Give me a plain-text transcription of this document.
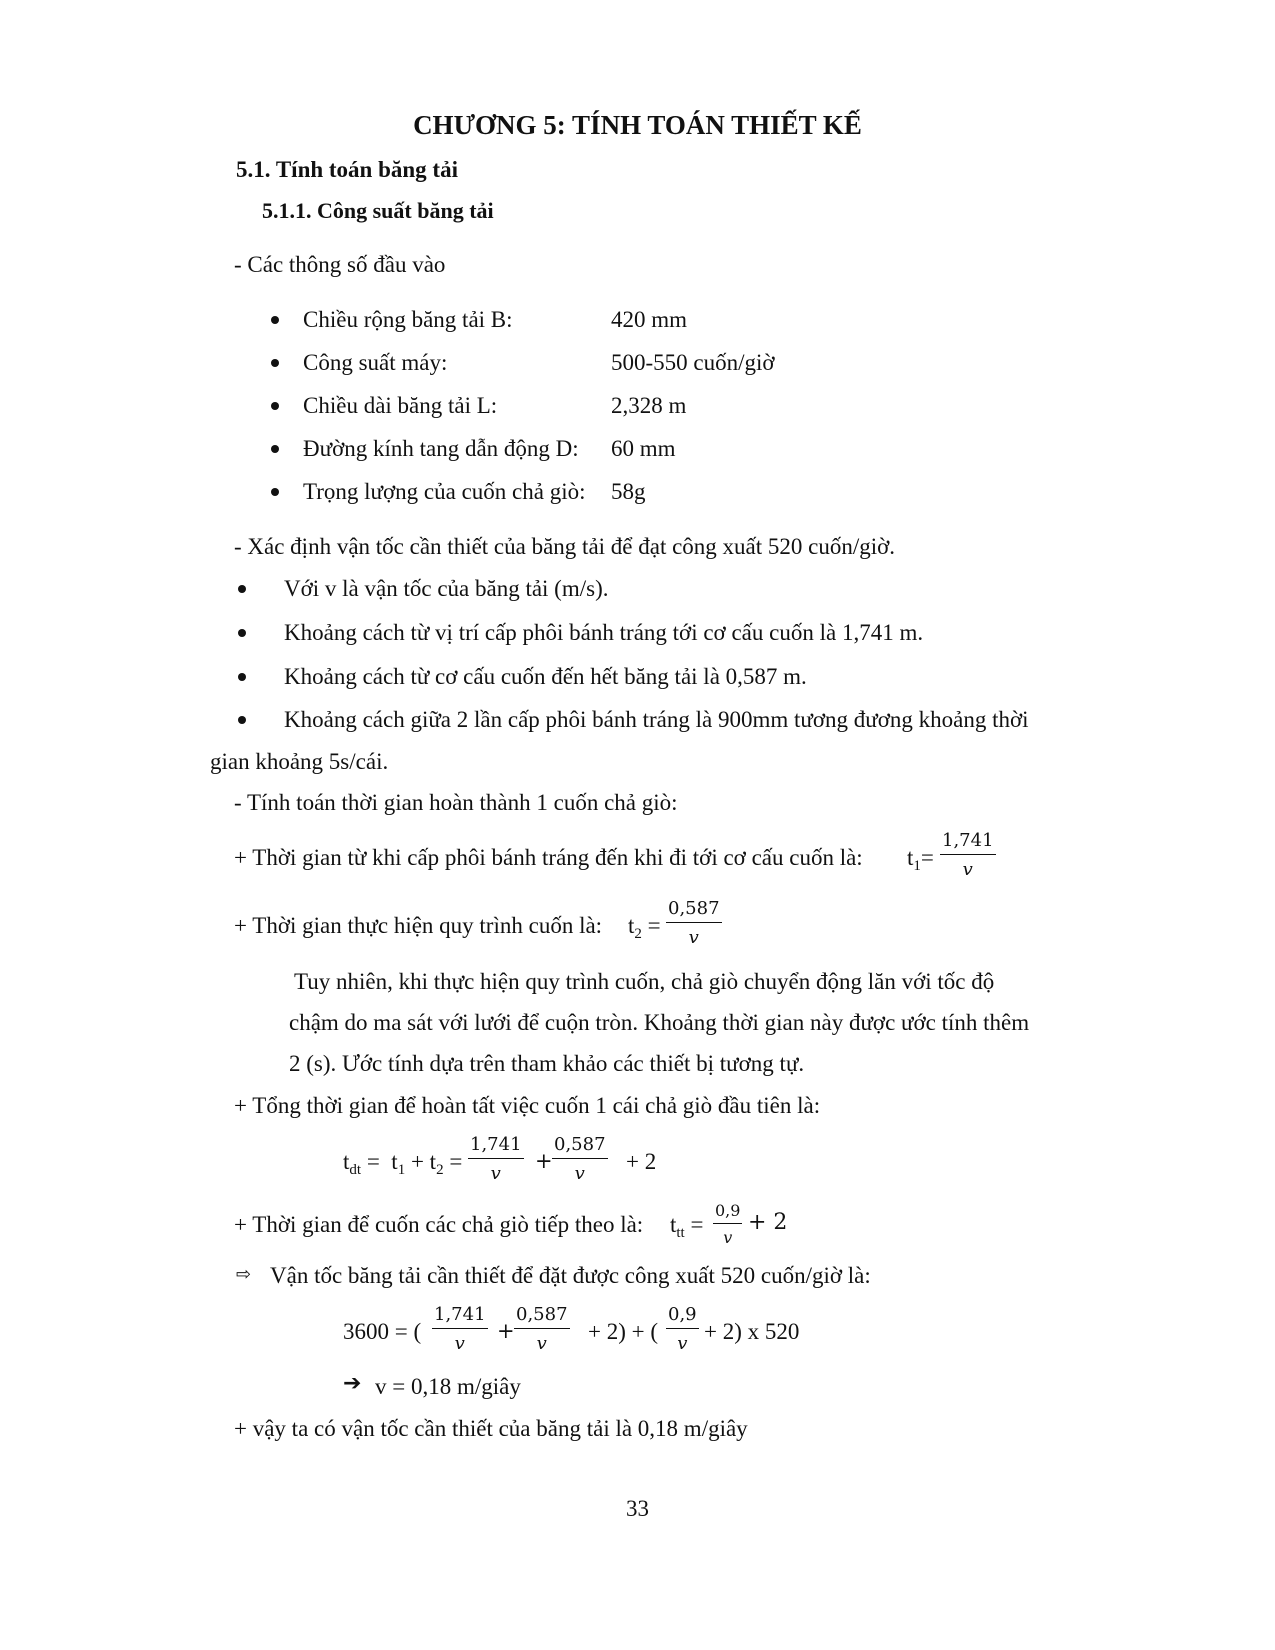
CHƯƠNG 5: TÍNH TOÁN THIẾT KẾ
5.1. Tính toán băng tải
5.1.1. Công suất băng tải
- Các thông số đầu vào
Chiều rộng băng tải B:	420 mm
Công suất máy:	500-550 cuốn/giờ
Chiều dài băng tải L:	2,328 m
Đường kính tang dẫn động D: 60 mm
Trọng lượng của cuốn chả giò: 58g
- Xác định vận tốc cần thiết của băng tải để đạt công xuất 520 cuốn/giờ.
Với v là vận tốc của băng tải (m/s).
Khoảng cách từ vị trí cấp phôi bánh tráng tới cơ cấu cuốn là 1,741 m.
Khoảng cách từ cơ cấu cuốn đến hết băng tải là 0,587 m.
Khoảng cách giữa 2 lần cấp phôi bánh tráng là 900mm tương đương khoảng thời
gian khoảng 5s/cái.
- Tính toán thời gian hoàn thành 1 cuốn chả giò:
+ Thời gian từ khi cấp phôi bánh tráng đến khi đi tới cơ cấu cuốn là: $t_1= \frac{1,741}{v}$
+ Thời gian thực hiện quy trình cuốn là: $t_2 = \frac{0,587}{v}$
Tuy nhiên, khi thực hiện quy trình cuốn, chả giò chuyển động lăn với tốc độ
chậm do ma sát với lưới để cuộn tròn. Khoảng thời gian này được ước tính thêm
2 (s). Ước tính dựa trên tham khảo các thiết bị tương tự.
+ Tổng thời gian để hoàn tất việc cuốn 1 cái chả giò đầu tiên là:
$t_{dt} = t_1 + t_2 = \frac{1,741}{v} + \frac{0,587}{v} + 2$
+ Thời gian để cuốn các chả giò tiếp theo là: $t_{tt} = \frac{0,9}{v} + 2$
⇨ Vận tốc băng tải cần thiết để đặt được công xuất 520 cuốn/giờ là:
3600 = ( $\frac{1,741}{v} + \frac{0,587}{v} + 2$) + ( $\frac{0,9}{v} + 2$) x 520
➔ v = 0,18 m/giây
+ vậy ta có vận tốc cần thiết của băng tải là 0,18 m/giây
33
